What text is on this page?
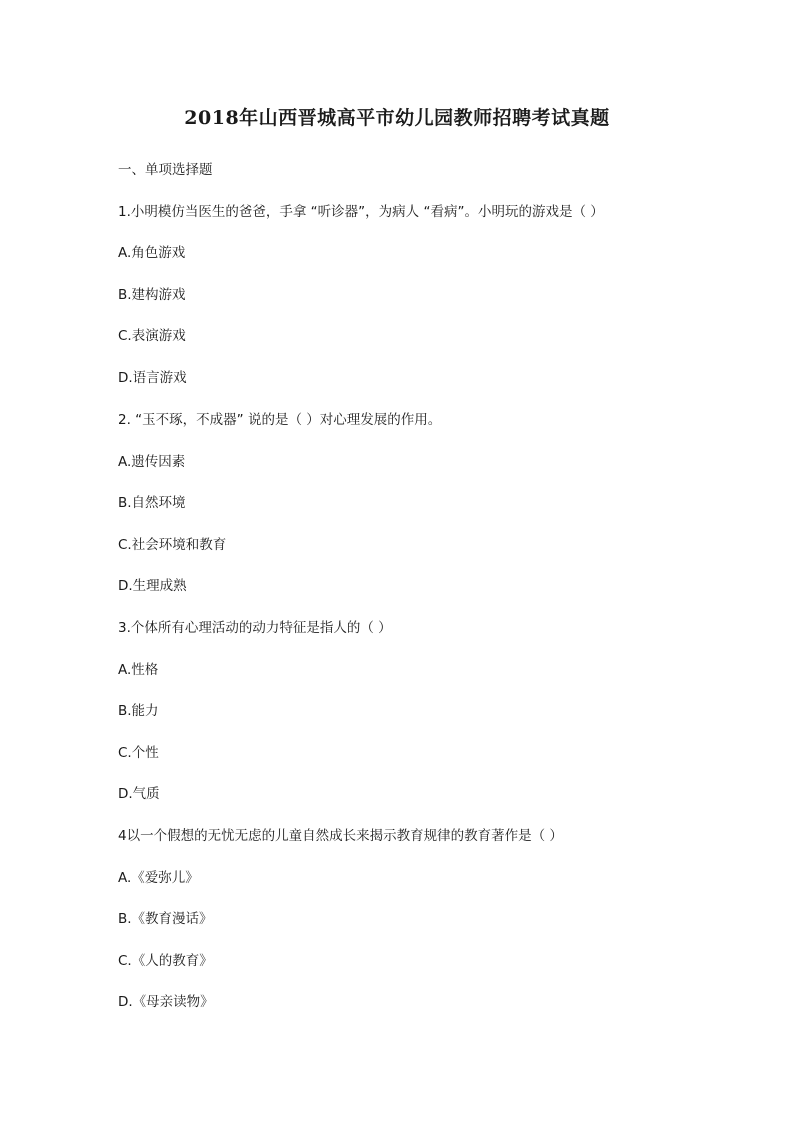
2018年山西晋城高平市幼儿园教师招聘考试真题
一、单项选择题
1.小明模仿当医生的爸爸，手拿 “听诊器”，为病人 “看病”。小明玩的游戏是（ ）
A.角色游戏
B.建构游戏
C.表演游戏
D.语言游戏
2. “玉不琢，不成器” 说的是（ ）对心理发展的作用。
A.遗传因素
B.自然环境
C.社会环境和教育
D.生理成熟
3.个体所有心理活动的动力特征是指人的（ ）
A.性格
B.能力
C.个性
D.气质
4以一个假想的无忧无虑的儿童自然成长来揭示教育规律的教育著作是（ ）
A.《爱弥儿》
B.《教育漫话》
C.《人的教育》
D.《母亲读物》
